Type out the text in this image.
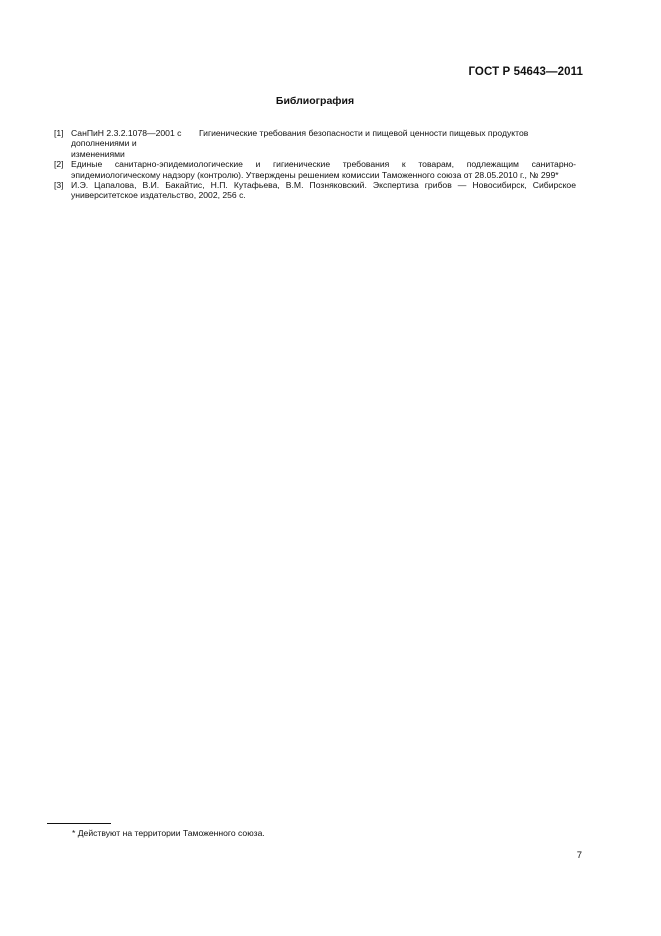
ГОСТ Р 54643—2011
Библиография
[1] СанПиН 2.3.2.1078—2001 с дополнениями и изменениями
Гигиенические требования безопасности и пищевой ценности пищевых продуктов
[2] Единые санитарно-эпидемиологические и гигиенические требования к товарам, подлежащим санитарно-эпидемиологическому надзору (контролю). Утверждены решением комиссии Таможенного союза от 28.05.2010 г., № 299*
[3] И.Э. Цапалова, В.И. Бакайтис, Н.П. Кутафьева, В.М. Позняковский. Экспертиза грибов — Новосибирск, Сибирское университетское издательство, 2002, 256 с.
* Действуют на территории Таможенного союза.
7
